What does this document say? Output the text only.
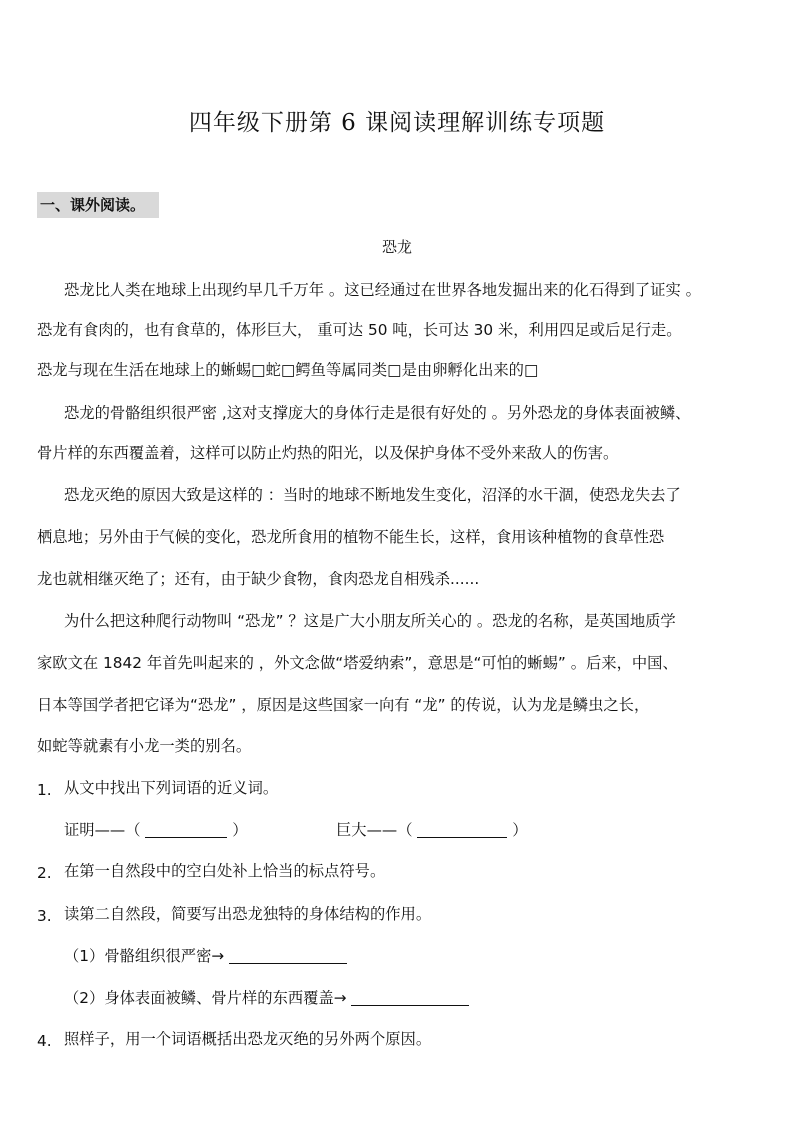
四年级下册第 6 课阅读理解训练专项题
一、课外阅读。
恐龙
恐龙比人类在地球上出现约早几千万年 。这已经通过在世界各地发掘出来的化石得到了证实 。
恐龙有食肉的，也有食草的，体形巨大， 重可达 50 吨，长可达 30 米，利用四足或后足行走。
恐龙与现在生活在地球上的蜥蜴□蛇□鳄鱼等属同类□是由卵孵化出来的□
恐龙的骨骼组织很严密 ,这对支撑庞大的身体行走是很有好处的 。另外恐龙的身体表面被鳞、
骨片样的东西覆盖着，这样可以防止灼热的阳光，以及保护身体不受外来敌人的伤害。
恐龙灭绝的原因大致是这样的 ：当时的地球不断地发生变化，沼泽的水干涸，使恐龙失去了
栖息地；另外由于气候的变化，恐龙所食用的植物不能生长，这样，食用该种植物的食草性恐
龙也就相继灭绝了；还有，由于缺少食物，食肉恐龙自相残杀......
为什么把这种爬行动物叫 “恐龙” ？这是广大小朋友所关心的 。恐龙的名称，是英国地质学
家欧文在 1842 年首先叫起来的 ，外文念做“塔爱纳索”，意思是“可怕的蜥蜴” 。后来，中国、
日本等国学者把它译为“恐龙” ，原因是这些国家一向有 “龙” 的传说，认为龙是鳞虫之长，
如蛇等就素有小龙一类的别名。
1. 从文中找出下列词语的近义词。
证明——（	）	巨大——（	）
2. 在第一自然段中的空白处补上恰当的标点符号。
3. 读第二自然段，简要写出恐龙独特的身体结构的作用。
（1）骨骼组织很严密→
（2）身体表面被鳞、骨片样的东西覆盖→
4. 照样子，用一个词语概括出恐龙灭绝的另外两个原因。
